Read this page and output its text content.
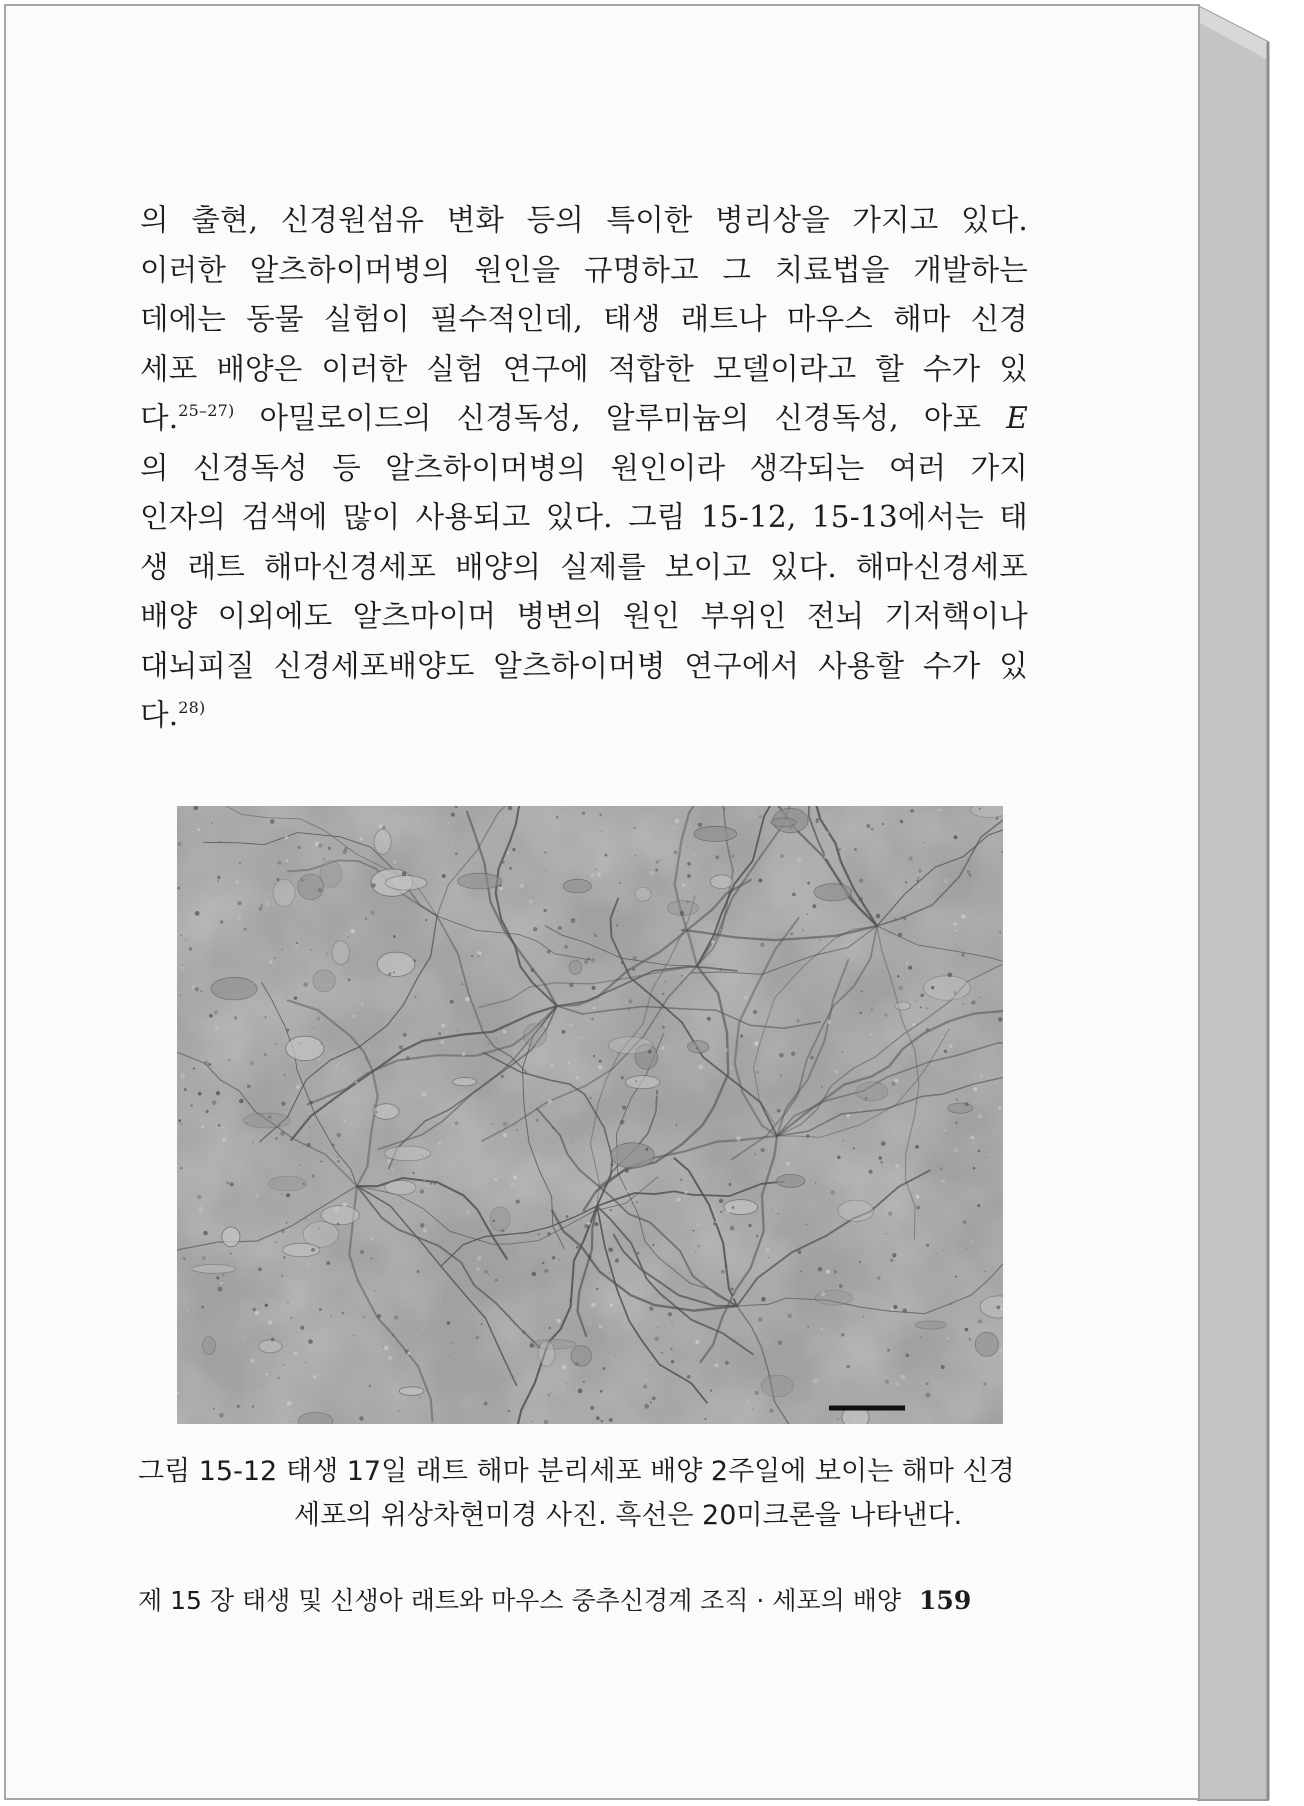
의 출현, 신경원섬유 변화 등의 특이한 병리상을 가지고 있다.
이러한 알츠하이머병의 원인을 규명하고 그 치료법을 개발하는
데에는 동물 실험이 필수적인데, 태생 래트나 마우스 해마 신경
세포 배양은 이러한 실험 연구에 적합한 모델이라고 할 수가 있
다.$^{25-27)}$ 아밀로이드의 신경독성, 알루미늄의 신경독성, 아포 E
의 신경독성 등 알츠하이머병의 원인이라 생각되는 여러 가지
인자의 검색에 많이 사용되고 있다. 그림 15-12, 15-13에서는 태
생 래트 해마신경세포 배양의 실제를 보이고 있다. 해마신경세포
배양 이외에도 알츠마이머 병변의 원인 부위인 전뇌 기저핵이나
대뇌피질 신경세포배양도 알츠하이머병 연구에서 사용할 수가 있
다.$^{28)}$
그림 15-12 태생 17일 래트 해마 분리세포 배양 2주일에 보이는 해마 신경
세포의 위상차현미경 사진. 흑선은 20미크론을 나타낸다.
제 15 장 태생 및 신생아 래트와 마우스 중추신경계 조직 · 세포의 배양 159
